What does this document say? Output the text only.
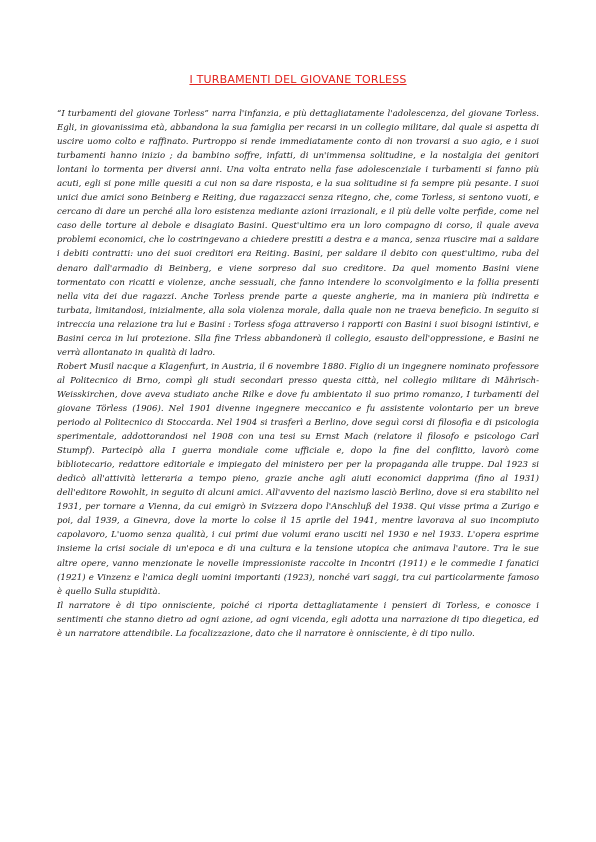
I TURBAMENTI DEL GIOVANE TORLESS

“I turbamenti del giovane Torless” narra l'infanzia, e più dettagliatamente l'adolescenza, del giovane Torless. Egli, in giovanissima età, abbandona la sua famiglia per recarsi in un collegio militare, dal quale si aspetta di uscire uomo colto e raffinato. Purtroppo si rende immediatamente conto di non trovarsi a suo agio, e i suoi turbamenti hanno inizio ; da bambino soffre, infatti, di un'immensa solitudine, e la nostalgia dei genitori lontani lo tormenta per diversi anni. Una volta entrato nella fase adolescenziale i turbamenti si fanno più acuti, egli si pone mille quesiti a cui non sa dare risposta, e la sua solitudine si fa sempre più pesante. I suoi unici due amici sono Beinberg e Reiting, due ragazzacci senza ritegno, che, come Torless, si sentono vuoti, e cercano di dare un perché alla loro esistenza mediante azioni irrazionali, e il più delle volte perfide, come nel caso delle torture al debole e disagiato Basini. Quest'ultimo era un loro compagno di corso, il quale aveva problemi economici, che lo costringevano a chiedere prestiti a destra e a manca, senza riuscire mai a saldare i debiti contratti: uno dei suoi creditori era Reiting. Basini, per saldare il debito con quest'ultimo, ruba del denaro dall'armadio di Beinberg, e viene sorpreso dal suo creditore. Da quel momento Basini viene tormentato con ricatti e violenze, anche sessuali, che fanno intendere lo sconvolgimento e la follia presenti nella vita dei due ragazzi. Anche Torless prende parte a queste angherie, ma in maniera più indiretta e turbata, limitandosi, inizialmente, alla sola violenza morale, dalla quale non ne traeva beneficio. In seguito si intreccia una relazione tra lui e Basini : Torless sfoga attraverso i rapporti con Basini i suoi bisogni istintivi, e Basini cerca in lui protezione. Slla fine Trless abbandonerà il collegio, esausto dell'oppressione, e Basini ne verrà allontanato in qualità di ladro.

Robert Musil nacque a Klagenfurt, in Austria, il 6 novembre 1880. Figlio di un ingegnere nominato professore al Politecnico di Brno, compì gli studi secondari presso questa città, nel collegio militare di Mährisch-Weisskirchen, dove aveva studiato anche Rilke e dove fu ambientato il suo primo romanzo, I turbamenti del giovane Törless (1906). Nel 1901 divenne ingegnere meccanico e fu assistente volontario per un breve periodo al Politecnico di Stoccarda. Nel 1904 si trasferì a Berlino, dove seguì corsi di filosofia e di psicologia sperimentale, addottorandosi nel 1908 con una tesi su Ernst Mach (relatore il filosofo e psicologo Carl Stumpf). Partecipò alla I guerra mondiale come ufficiale e, dopo la fine del conflitto, lavorò come bibliotecario, redattore editoriale e impiegato del ministero per per la propaganda alle truppe. Dal 1923 si dedicò all'attività letteraria a tempo pieno, grazie anche agli aiuti economici dapprima (fino al 1931) dell'editore Rowohlt, in seguito di alcuni amici. All'avvento del nazismo lasciò Berlino, dove si era stabilito nel 1931, per tornare a Vienna, da cui emigrò in Svizzera dopo l'Anschluß del 1938. Qui visse prima a Zurigo e poi, dal 1939, a Ginevra, dove la morte lo colse il 15 aprile del 1941, mentre lavorava al suo incompiuto capolavoro, L'uomo senza qualità, i cui primi due volumi erano usciti nel 1930 e nel 1933. L'opera esprime insieme la crisi sociale di un'epoca e di una cultura e la tensione utopica che animava l'autore. Tra le sue altre opere, vanno menzionate le novelle impressioniste raccolte in Incontri (1911) e le commedie I fanatici (1921) e Vinzenz e l'amica degli uomini importanti (1923), nonché vari saggi, tra cui particolarmente famoso è quello Sulla stupidità.

Il narratore è di tipo onnisciente, poiché ci riporta dettagliatamente i pensieri di Torless, e conosce i sentimenti che stanno dietro ad ogni azione, ad ogni vicenda, egli adotta una narrazione di tipo diegetica, ed è un narratore attendibile. La focalizzazione, dato che il narratore è onnisciente, è di tipo nullo.
